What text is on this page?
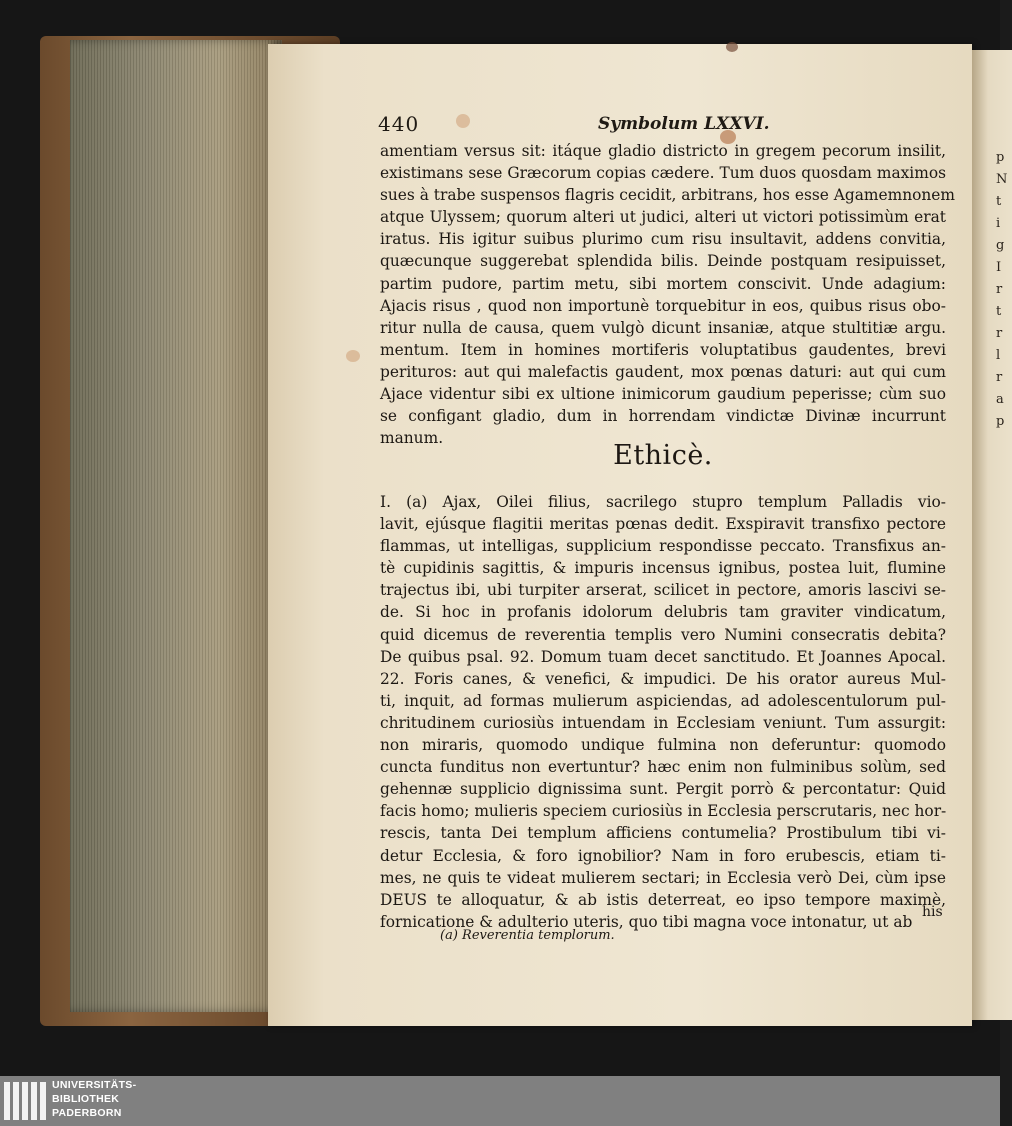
p
N
t
i
g
I
r
t
r
l
r
a
p
440	Symbolum LXXVI.
amentiam versus sit: itáque gladio districto in gregem pecorum insilit,
existimans sese Græcorum copias cædere. Tum duos quosdam maximos
sues à trabe suspensos flagris cecidit, arbitrans, hos esse Agamemnonem
atque Ulyssem; quorum alteri ut judici, alteri ut victori potissimùm erat
iratus. His igitur suibus plurimo cum risu insultavit, addens convitia,
quæcunque suggerebat splendida bilis. Deinde postquam resipuisset,
partim pudore, partim metu, sibi mortem conscivit. Unde adagium:
Ajacis risus , quod non importunè torquebitur in eos, quibus risus obo-
ritur nulla de causa, quem vulgò dicunt insaniæ, atque stultitiæ argu.
mentum. Item in homines mortiferis voluptatibus gaudentes, brevi
perituros: aut qui malefactis gaudent, mox pœnas daturi: aut qui cum
Ajace videntur sibi ex ultione inimicorum gaudium peperisse; cùm suo
se configant gladio, dum in horrendam vindictæ Divinæ incurrunt
manum.
Ethicè.
I. (a) Ajax, Oilei filius, sacrilego stupro templum Palladis vio-
lavit, ejúsque flagitii meritas pœnas dedit. Exspiravit transfixo pectore
flammas, ut intelligas, supplicium respondisse peccato. Transfixus an-
tè cupidinis sagittis, & impuris incensus ignibus, postea luit, flumine
trajectus ibi, ubi turpiter arserat, scilicet in pectore, amoris lascivi se-
de. Si hoc in profanis idolorum delubris tam graviter vindicatum,
quid dicemus de reverentia templis vero Numini consecratis debita?
De quibus psal. 92. Domum tuam decet sanctitudo. Et Joannes Apocal.
22. Foris canes, & venefici, & impudici. De his orator aureus Mul-
ti, inquit, ad formas mulierum aspiciendas, ad adolescentulorum pul-
chritudinem curiosiùs intuendam in Ecclesiam veniunt. Tum assurgit:
non miraris, quomodo undique fulmina non deferuntur: quomodo
cuncta funditus non evertuntur? hæc enim non fulminibus solùm, sed
gehennæ supplicio dignissima sunt. Pergit porrò & percontatur: Quid
facis homo; mulieris speciem curiosiùs in Ecclesia perscrutaris, nec hor-
rescis, tanta Dei templum afficiens contumelia? Prostibulum tibi vi-
detur Ecclesia, & foro ignobilior? Nam in foro erubescis, etiam ti-
mes, ne quis te videat mulierem sectari; in Ecclesia verò Dei, cùm ipse
DEUS te alloquatur, & ab istis deterreat, eo ipso tempore maximè,
fornicatione & adulterio uteris, quo tibi magna voce intonatur, ut ab
his
(a) Reverentia templorum.
UNIVERSITÄTS-
BIBLIOTHEK
PADERBORN
